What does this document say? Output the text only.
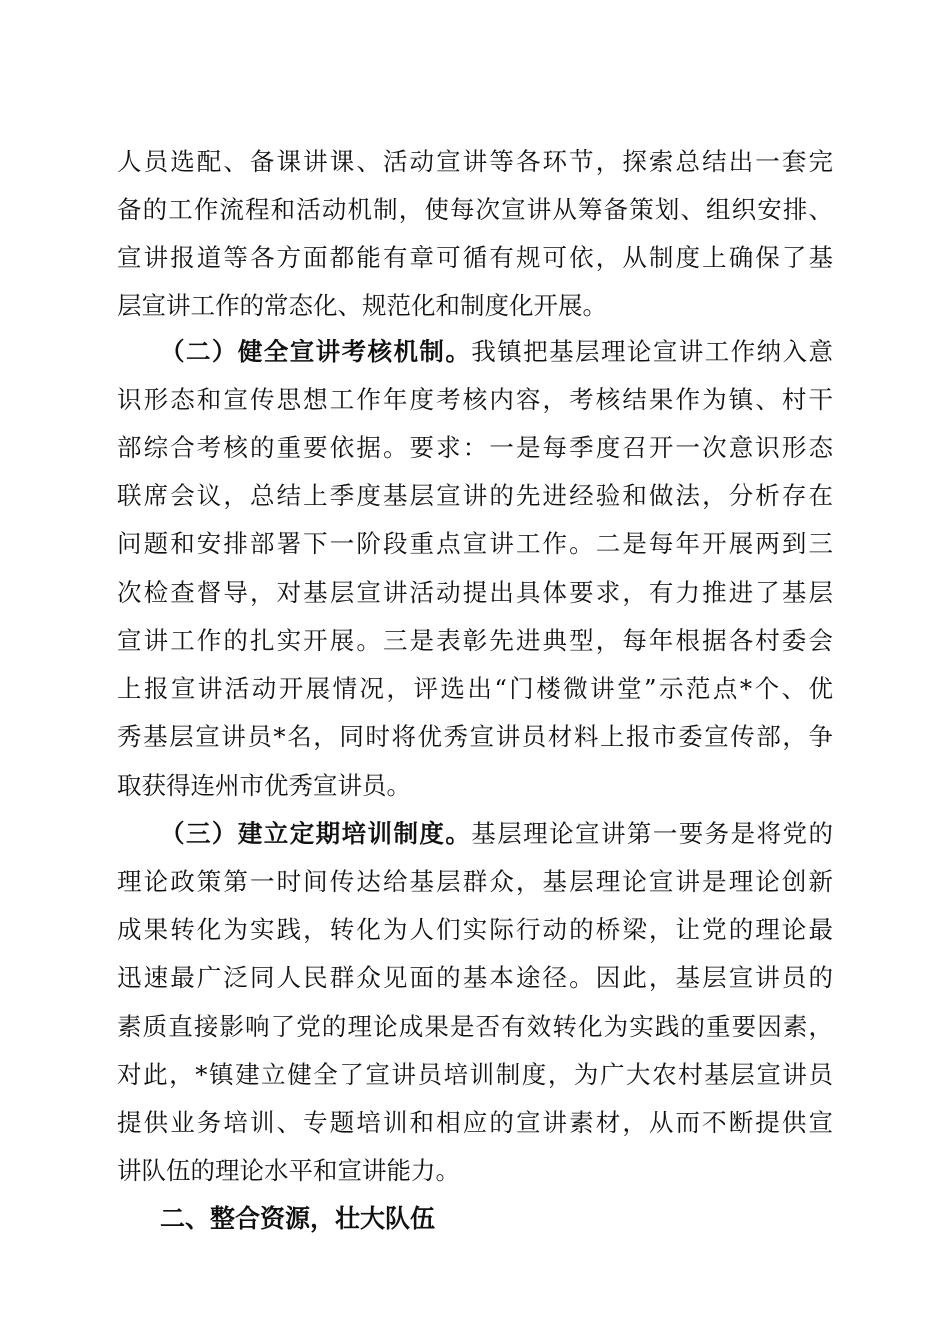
人员选配、备课讲课、活动宣讲等各环节，探索总结出一套完
备的工作流程和活动机制，使每次宣讲从筹备策划、组织安排、
宣讲报道等各方面都能有章可循有规可依，从制度上确保了基
层宣讲工作的常态化、规范化和制度化开展。
（二）健全宣讲考核机制。我镇把基层理论宣讲工作纳入意
识形态和宣传思想工作年度考核内容，考核结果作为镇、村干
部综合考核的重要依据。要求：一是每季度召开一次意识形态
联席会议，总结上季度基层宣讲的先进经验和做法，分析存在
问题和安排部署下一阶段重点宣讲工作。二是每年开展两到三
次检查督导，对基层宣讲活动提出具体要求，有力推进了基层
宣讲工作的扎实开展。三是表彰先进典型，每年根据各村委会
上报宣讲活动开展情况，评选出“门楼微讲堂”示范点*个、优
秀基层宣讲员*名，同时将优秀宣讲员材料上报市委宣传部，争
取获得连州市优秀宣讲员。
（三）建立定期培训制度。基层理论宣讲第一要务是将党的
理论政策第一时间传达给基层群众，基层理论宣讲是理论创新
成果转化为实践，转化为人们实际行动的桥梁，让党的理论最
迅速最广泛同人民群众见面的基本途径。因此，基层宣讲员的
素质直接影响了党的理论成果是否有效转化为实践的重要因素，
对此，*镇建立健全了宣讲员培训制度，为广大农村基层宣讲员
提供业务培训、专题培训和相应的宣讲素材，从而不断提供宣
讲队伍的理论水平和宣讲能力。
二、整合资源，壮大队伍
